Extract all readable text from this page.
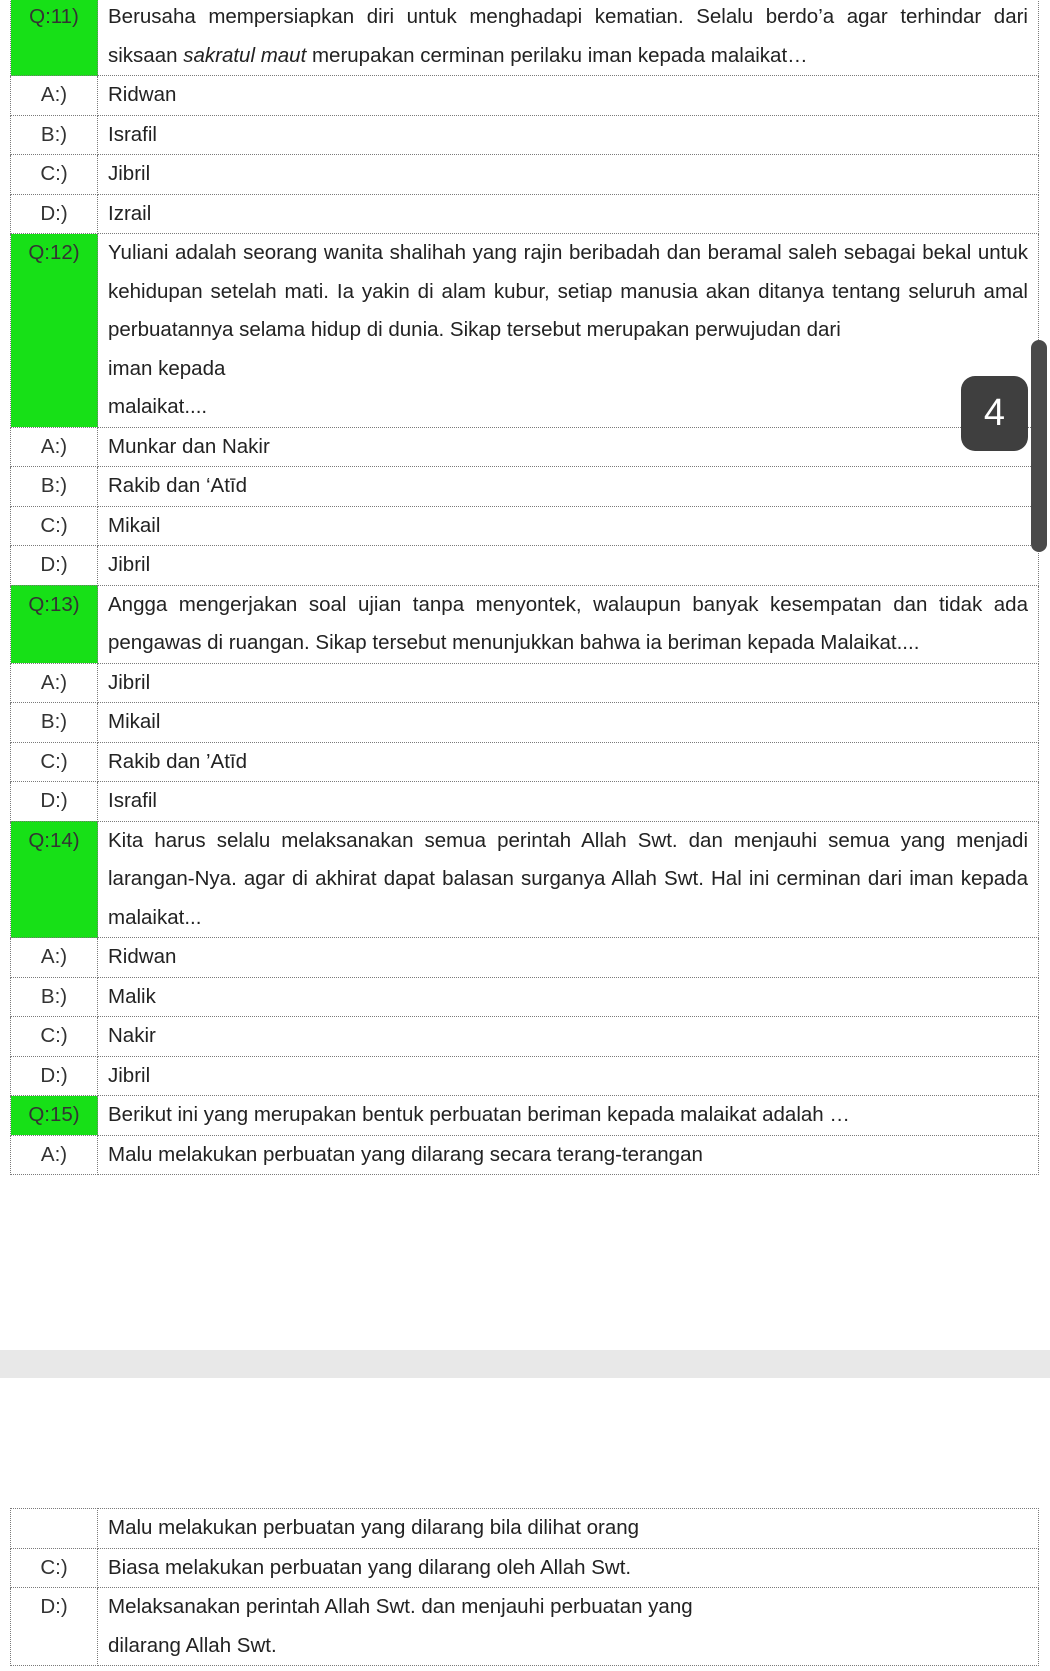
Q:11)	Berusaha mempersiapkan diri untuk menghadapi kematian. Selalu berdo’a agar terhindar dari siksaan sakratul maut merupakan cerminan perilaku iman kepada malaikat…
A:)	Ridwan
B:)	Israfil
C:)	Jibril
D:)	Izrail
Q:12)	Yuliani adalah seorang wanita shalihah yang rajin beribadah dan beramal saleh sebagai bekal untuk kehidupan setelah mati. Ia yakin di alam kubur, setiap manusia akan ditanya tentang seluruh amal perbuatannya selama hidup di dunia. Sikap tersebut merupakan perwujudan dari
iman kepada
malaikat....

A:)	Munkar dan Nakir
B:)	Rakib dan ‘Atīd
C:)	Mikail
D:)	Jibril
Q:13)	Angga mengerjakan soal ujian tanpa menyontek, walaupun banyak kesempatan dan tidak ada pengawas di ruangan. Sikap tersebut menunjukkan bahwa ia beriman kepada Malaikat....
A:)	Jibril
B:)	Mikail
C:)	Rakib dan ’Atīd
D:)	Israfil
Q:14)	Kita harus selalu melaksanakan semua perintah Allah Swt. dan menjauhi semua yang menjadi larangan-Nya. agar di akhirat dapat balasan surganya Allah Swt. Hal ini cerminan dari iman kepada malaikat...
A:)	Ridwan
B:)	Malik
C:)	Nakir
D:)	Jibril
Q:15)	Berikut ini yang merupakan bentuk perbuatan beriman kepada malaikat adalah …
A:)	Malu melakukan perbuatan yang dilarang secara terang-terangan
4
	Malu melakukan perbuatan yang dilarang bila dilihat orang
C:)	Biasa melakukan perbuatan yang dilarang oleh Allah Swt.
D:)	Melaksanakan perintah Allah Swt. dan menjauhi perbuatan yang
dilarang Allah Swt.
